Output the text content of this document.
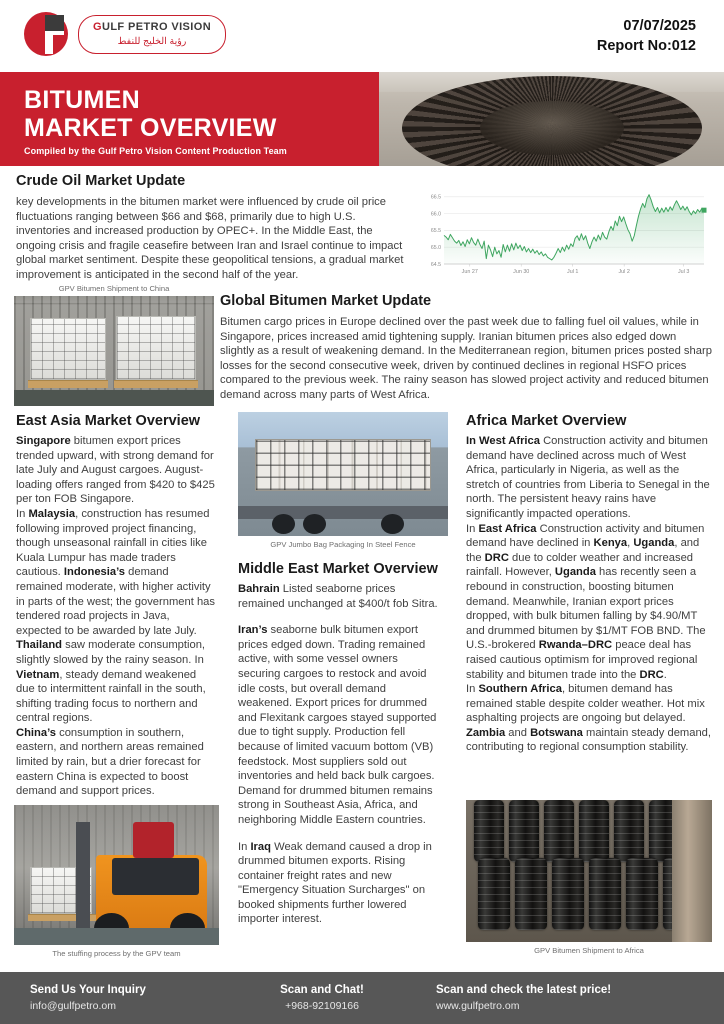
GULF PETRO VISION
رؤية الخليج للنفط
07/07/2025
Report No:012
BITUMEN
MARKET OVERVIEW
Compiled by the Gulf Petro Vision Content Production Team
Crude Oil Market Update
key developments in the bitumen market were influenced by crude oil price fluctuations ranging between $66 and $68, primarily due to high U.S. inventories and increased production by OPEC+. In the Middle East, the ongoing crisis and fragile ceasefire between Iran and Israel continue to impact global market sentiment. Despite these geopolitical tensions, a gradual market improvement is anticipated in the second half of the year.
64.5
65.0
65.5
66.0
66.5
Jun 27	Jun 30	Jul 1	Jul 2	Jul 3
GPV Bitumen Shipment to China
Global Bitumen Market Update
Bitumen cargo prices in Europe declined over the past week due to falling fuel oil values, while in Singapore, prices increased amid tightening supply. Iranian bitumen prices also edged down slightly as a result of weakening demand. In the Mediterranean region, bitumen prices posted sharp losses for the second consecutive week, driven by continued declines in regional HSFO prices compared to the previous week. The rainy season has slowed project activity and reduced bitumen demand across many parts of West Africa.
East Asia Market Overview
Singapore bitumen export prices trended upward, with strong demand for late July and August cargoes. August-loading offers ranged from $420 to $425 per ton FOB Singapore.
In Malaysia, construction has resumed following improved project financing, though unseasonal rainfall in cities like Kuala Lumpur has made traders cautious. Indonesia’s demand remained moderate, with higher activity in parts of the west; the government has tendered road projects in Java, expected to be awarded by late July.
Thailand saw moderate consumption, slightly slowed by the rainy season. In Vietnam, steady demand weakened due to intermittent rainfall in the south, shifting trading focus to northern and central regions.
China’s consumption in southern, eastern, and northern areas remained limited by rain, but a drier forecast for eastern China is expected to boost demand and support prices.
The stuffing process by the GPV team
GPV Jumbo Bag Packaging In Steel Fence
Middle East Market Overview
Bahrain Listed seaborne prices remained unchanged at $400/t fob Sitra.
Iran’s seaborne bulk bitumen export prices edged down. Trading remained active, with some vessel owners securing cargoes to restock and avoid idle costs, but overall demand weakened. Export prices for drummed and Flexitank cargoes stayed supported due to tight supply. Production fell because of limited vacuum bottom (VB) feedstock. Most suppliers sold out inventories and held back bulk cargoes. Demand for drummed bitumen remains strong in Southeast Asia, Africa, and neighboring Middle Eastern countries.
In Iraq Weak demand caused a drop in drummed bitumen exports. Rising container freight rates and new "Emergency Situation Surcharges" on booked shipments further lowered importer interest.
Africa Market Overview
In West Africa Construction activity and bitumen demand have declined across much of West Africa, particularly in Nigeria, as well as the stretch of countries from Liberia to Senegal in the north. The persistent heavy rains have significantly impacted operations.
In East Africa Construction activity and bitumen demand have declined in Kenya, Uganda, and the DRC due to colder weather and increased rainfall. However, Uganda has recently seen a rebound in construction, boosting bitumen demand. Meanwhile, Iranian export prices dropped, with bulk bitumen falling by $4.90/MT and drummed bitumen by $1/MT FOB BND. The U.S.-brokered Rwanda–DRC peace deal has raised cautious optimism for improved regional stability and bitumen trade into the DRC.
In Southern Africa, bitumen demand has remained stable despite colder weather. Hot mix asphalting projects are ongoing but delayed. Zambia and Botswana maintain steady demand, contributing to regional consumption stability.
GPV Bitumen Shipment to Africa
Send Us Your Inquiry
info@gulfpetro.om
Scan and Chat!
+968-92109166
Scan and check the latest price!
www.gulfpetro.om
